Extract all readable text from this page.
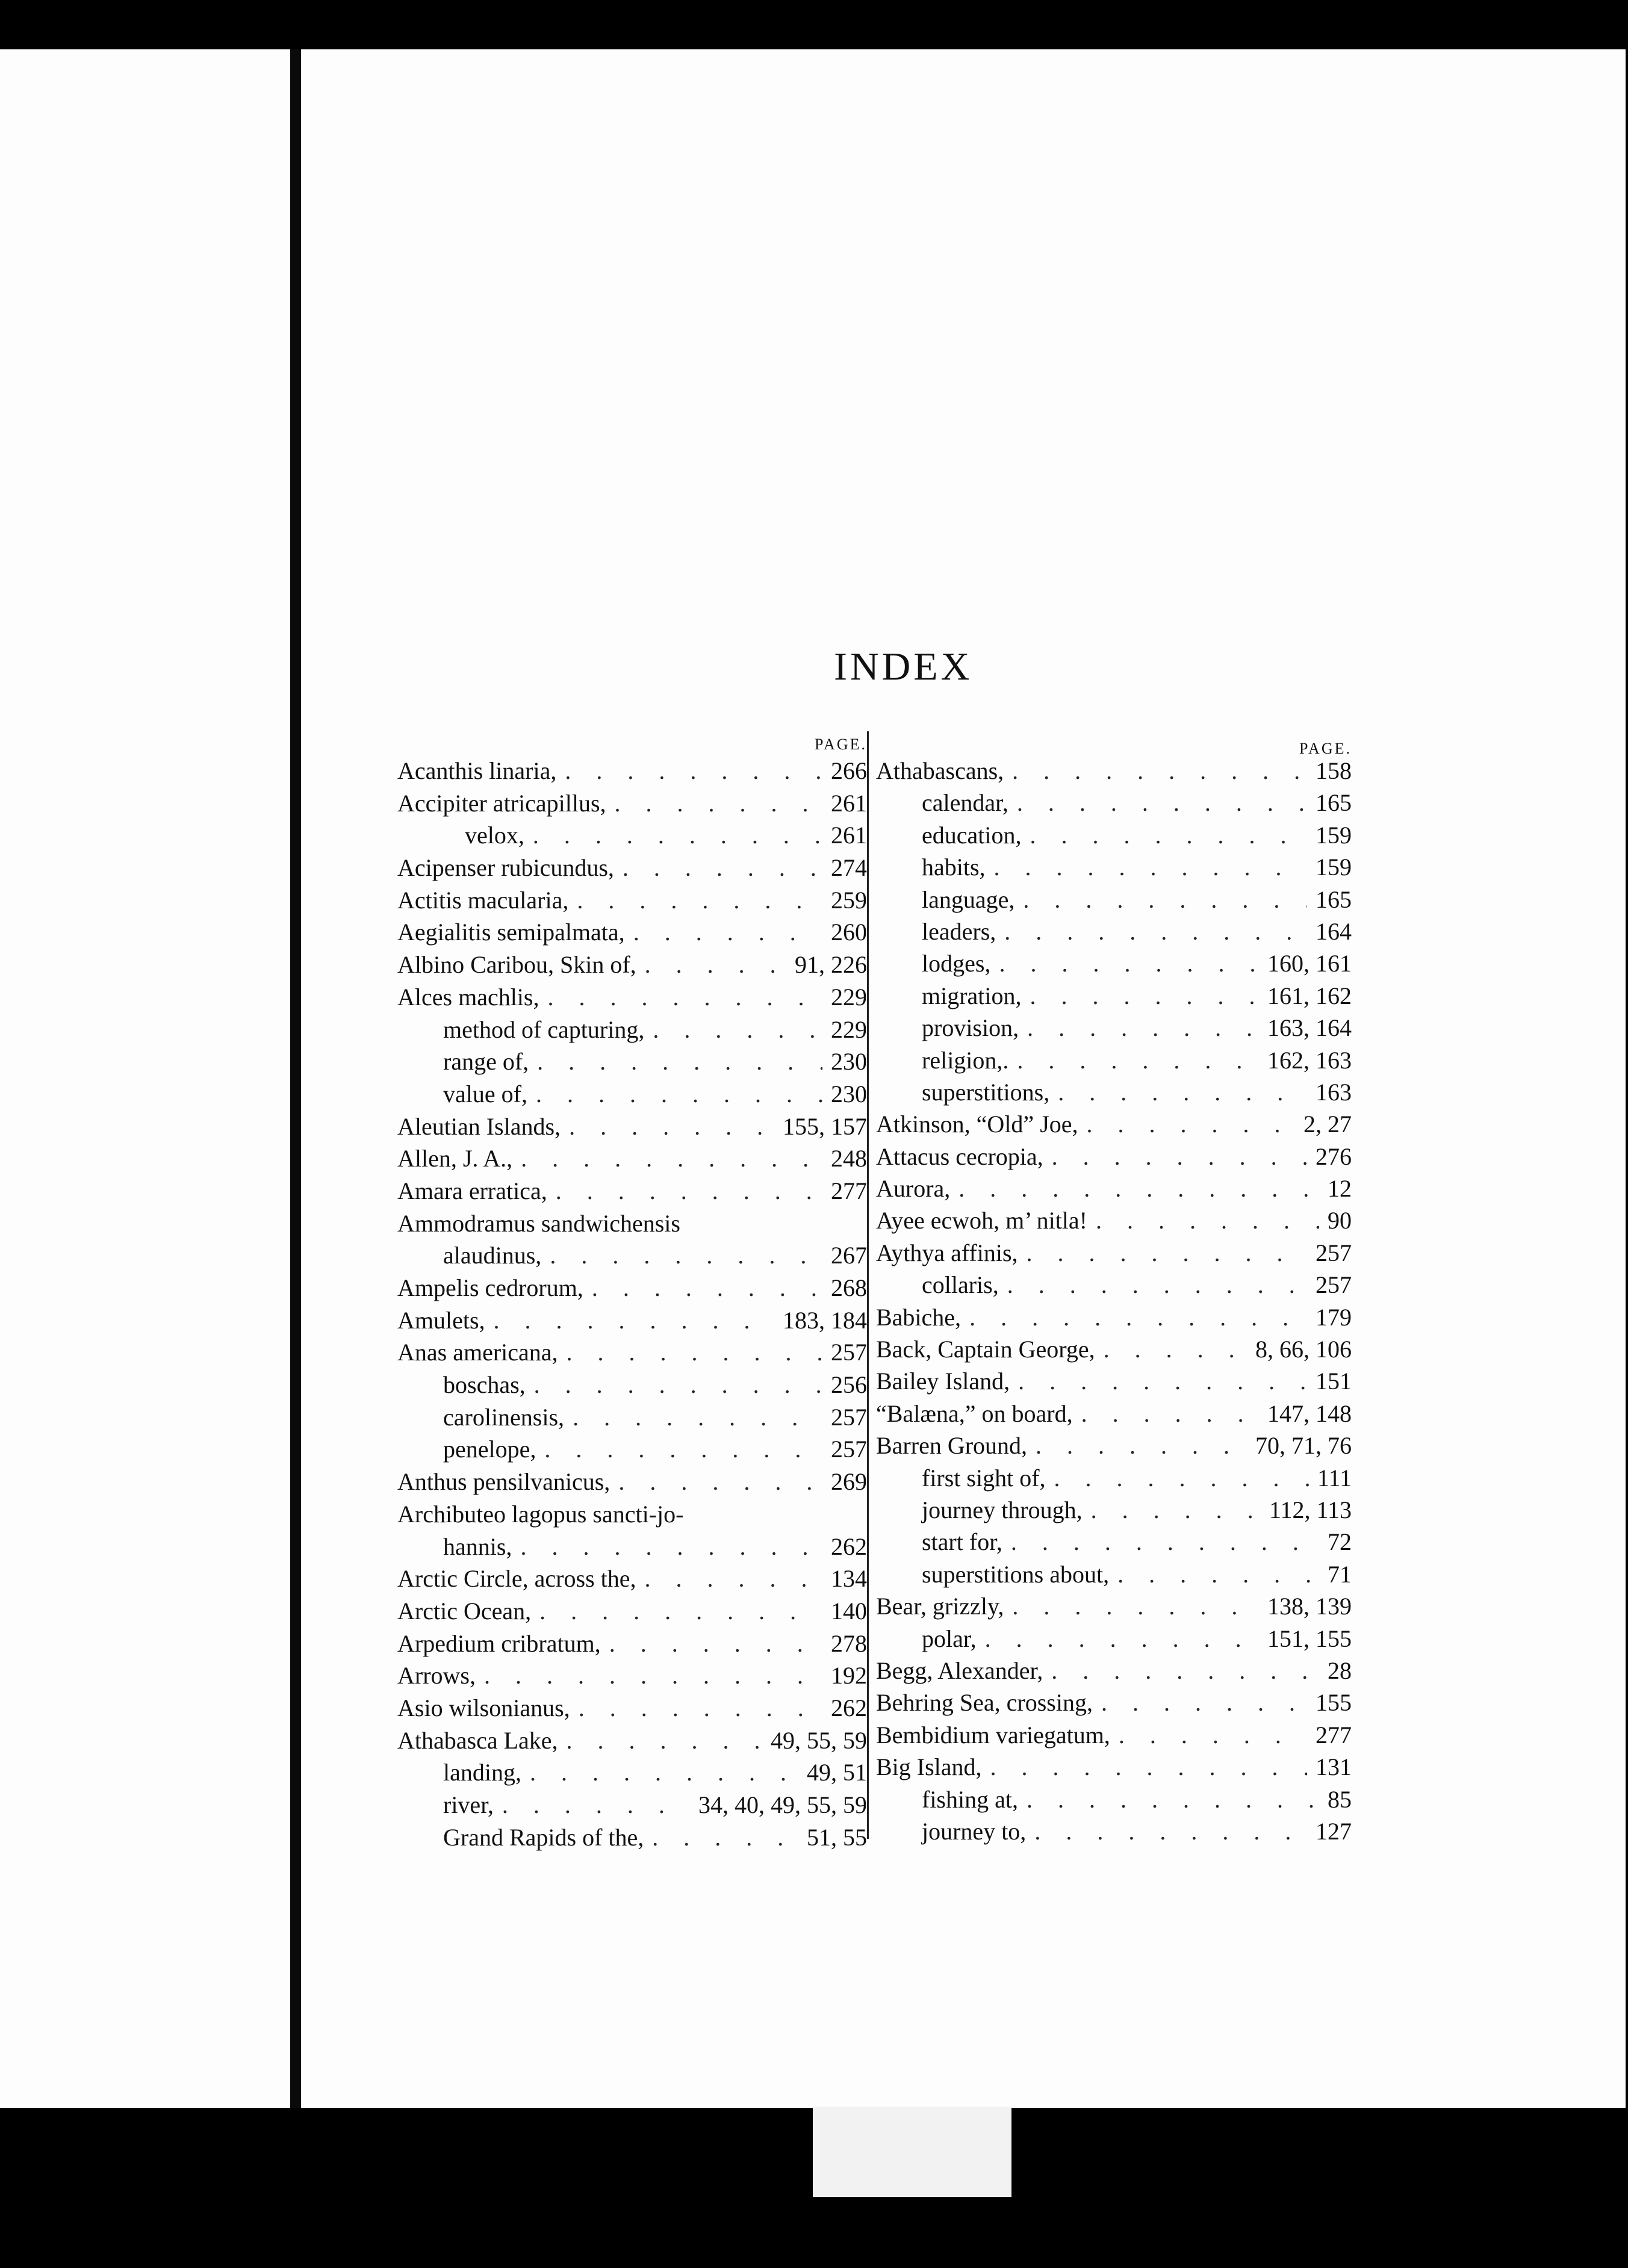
INDEX
PAGE.
Acanthis linaria, . . .	266
Accipiter atricapillus, . . .	261
velox, . . .	261
Acipenser rubicundus, . . .	274
Actitis macularia, . . .	259
Aegialitis semipalmata, . . .	260
Albino Caribou, Skin of, . . .	91, 226
Alces machlis, . . .	229
method of capturing, . . .	229
range of, . . .	230
value of, . . .	230
Aleutian Islands, . . .	155, 157
Allen, J. A., . . .	248
Amara erratica, . . .	277
Ammodramus sandwichensis
alaudinus, . . .	267
Ampelis cedrorum, . . .	268
Amulets, . . .	183, 184
Anas americana, . . .	257
boschas, . . .	256
carolinensis, . . .	257
penelope, . . .	257
Anthus pensilvanicus, . . .	269
Archibuteo lagopus sancti-jo-
hannis, . . .	262
Arctic Circle, across the, . . .	134
Arctic Ocean, . . .	140
Arpedium cribratum, . . .	278
Arrows, . . .	192
Asio wilsonianus, . . .	262
Athabasca Lake, . . .	49, 55, 59
landing, . . .	49, 51
river, . . .	34, 40, 49, 55, 59
Grand Rapids of the, . . .	51, 55
PAGE.
Athabascans, . . .	158
calendar, . . .	165
education, . . .	159
habits, . . .	159
language, . . .	165
leaders, . . .	164
lodges, . . .	160, 161
migration, . . .	161, 162
provision, . . .	163, 164
religion,. . . .	162, 163
superstitions, . . .	163
Atkinson, “Old” Joe, . . .	2, 27
Attacus cecropia, . . .	276
Aurora, . . .	12
Ayee ecwoh, m’ nitla! . . .	90
Aythya affinis, . . .	257
collaris, . . .	257
Babiche, . . .	179
Back, Captain George, . . .	8, 66, 106
Bailey Island, . . .	151
“Balæna,” on board, . . .	147, 148
Barren Ground, . . .	70, 71, 76
first sight of, . . .	111
journey through, . . .	112, 113
start for, . . .	72
superstitions about, . . .	71
Bear, grizzly, . . .	138, 139
polar, . . .	151, 155
Begg, Alexander, . . .	28
Behring Sea, crossing, . . .	155
Bembidium variegatum, . . .	277
Big Island, . . .	131
fishing at, . . .	85
journey to, . . .	127
